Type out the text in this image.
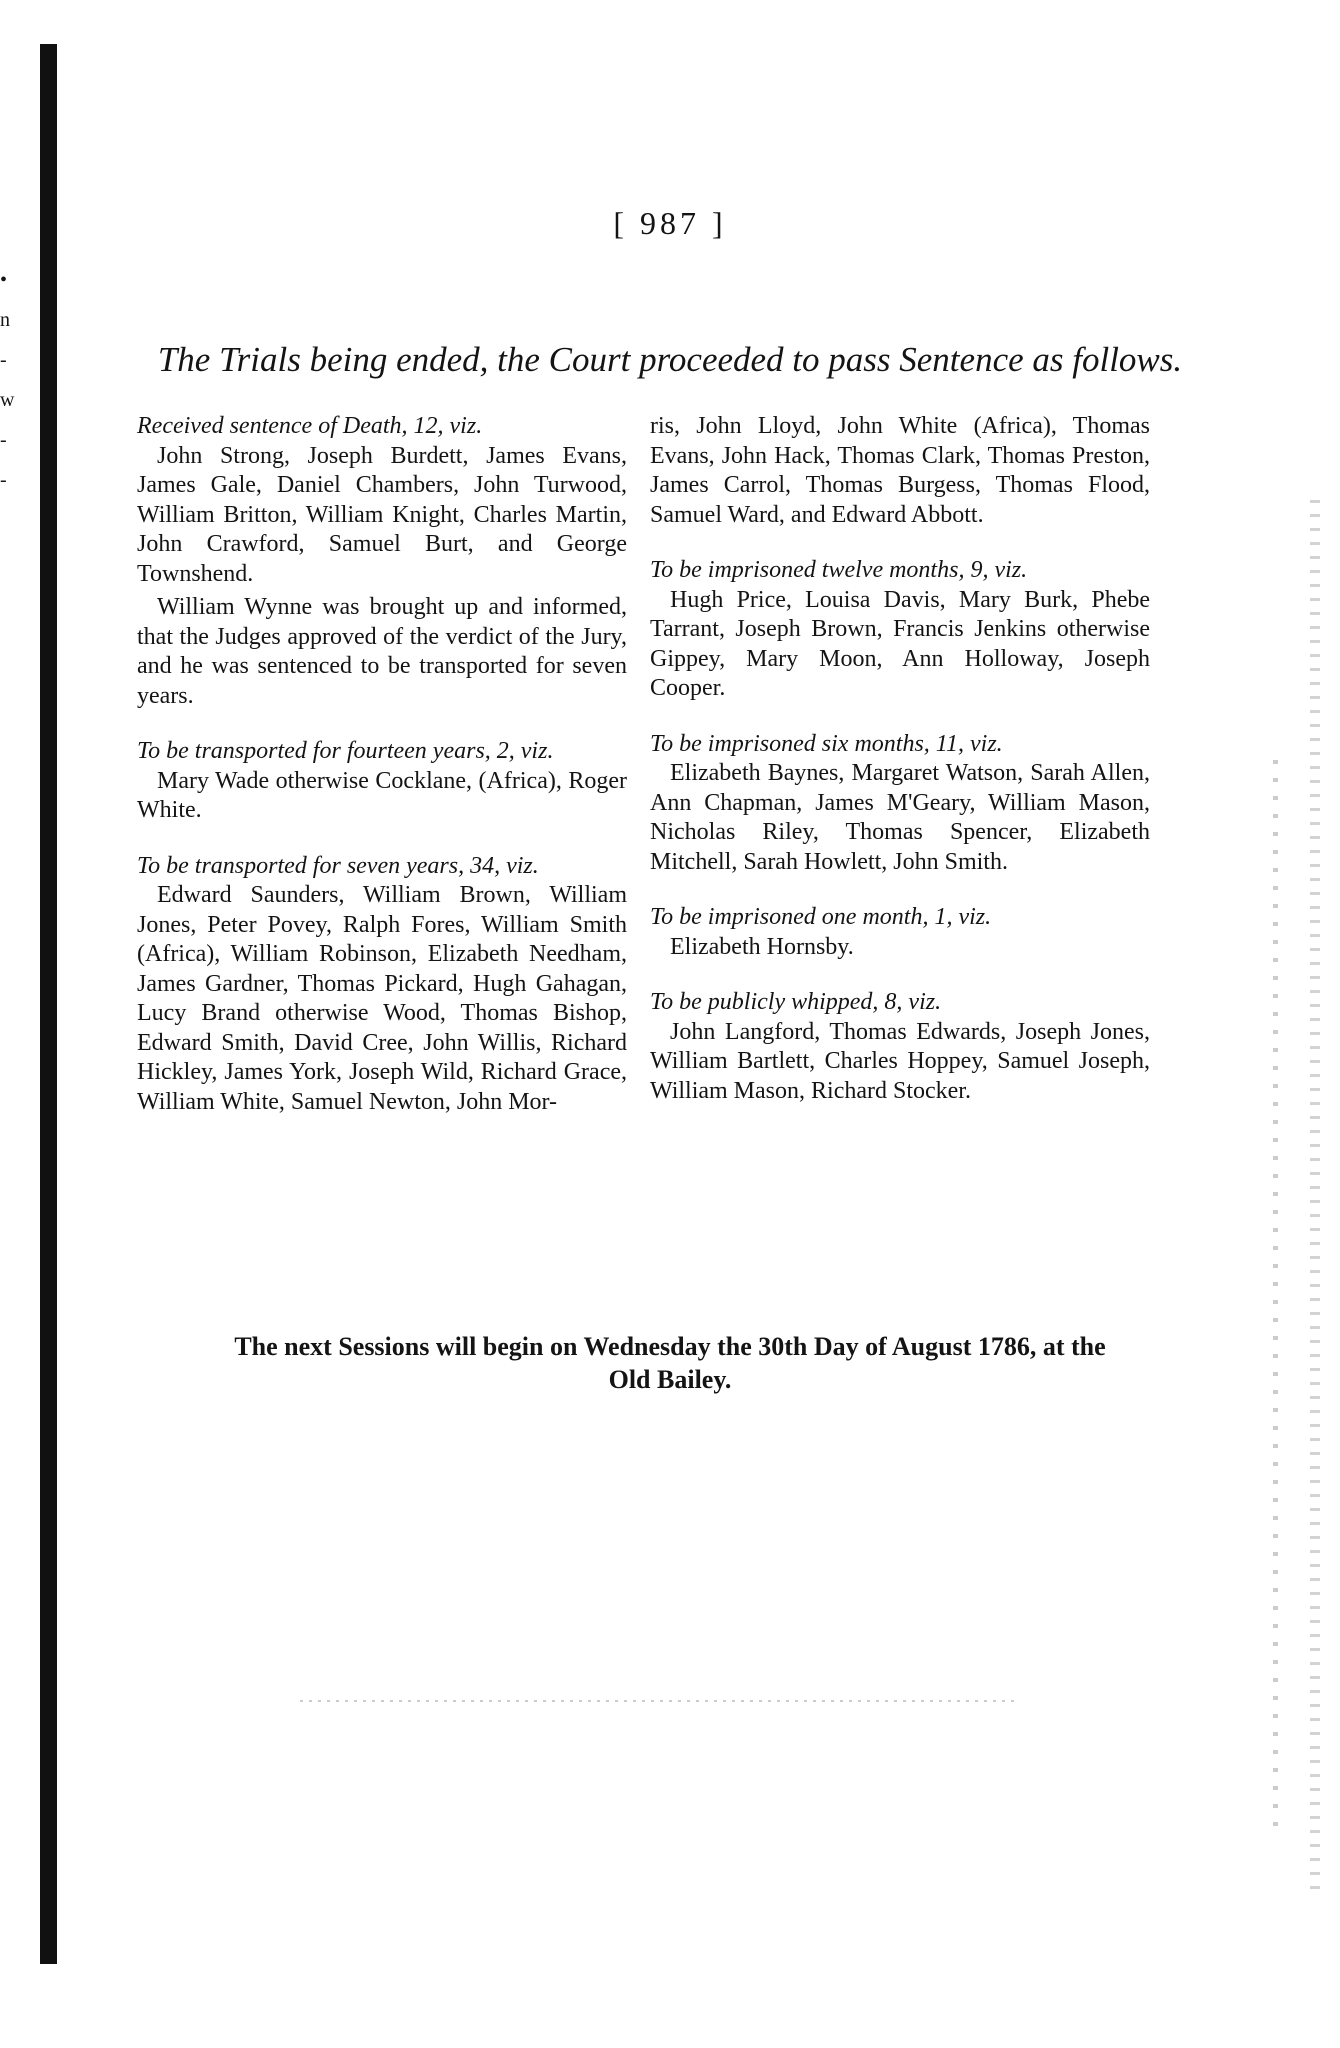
•
n
-
w
-
-
[ 987 ]
The Trials being ended, the Court proceeded to pass Sentence as follows.
Received sentence of Death, 12, viz.
John Strong, Joseph Burdett, James Evans, James Gale, Daniel Chambers, John Turwood, William Britton, William Knight, Charles Martin, John Crawford, Samuel Burt, and George Townshend.
William Wynne was brought up and informed, that the Judges approved of the verdict of the Jury, and he was sentenced to be transported for seven years.
To be transported for fourteen years, 2, viz.
Mary Wade otherwise Cocklane, (Africa), Roger White.
To be transported for seven years, 34, viz.
Edward Saunders, William Brown, William Jones, Peter Povey, Ralph Fores, William Smith (Africa), William Robinson, Elizabeth Needham, James Gardner, Thomas Pickard, Hugh Gahagan, Lucy Brand otherwise Wood, Thomas Bishop, Edward Smith, David Cree, John Willis, Richard Hickley, James York, Joseph Wild, Richard Grace, William White, Samuel Newton, John Mor-
ris, John Lloyd, John White (Africa), Thomas Evans, John Hack, Thomas Clark, Thomas Preston, James Carrol, Thomas Burgess, Thomas Flood, Samuel Ward, and Edward Abbott.
To be imprisoned twelve months, 9, viz.
Hugh Price, Louisa Davis, Mary Burk, Phebe Tarrant, Joseph Brown, Francis Jenkins otherwise Gippey, Mary Moon, Ann Holloway, Joseph Cooper.
To be imprisoned six months, 11, viz.
Elizabeth Baynes, Margaret Watson, Sarah Allen, Ann Chapman, James M'Geary, William Mason, Nicholas Riley, Thomas Spencer, Elizabeth Mitchell, Sarah Howlett, John Smith.
To be imprisoned one month, 1, viz.
Elizabeth Hornsby.
To be publicly whipped, 8, viz.
John Langford, Thomas Edwards, Joseph Jones, William Bartlett, Charles Hoppey, Samuel Joseph, William Mason, Richard Stocker.
The next Sessions will begin on Wednesday the 30th Day of August 1786, at the
Old Bailey.
